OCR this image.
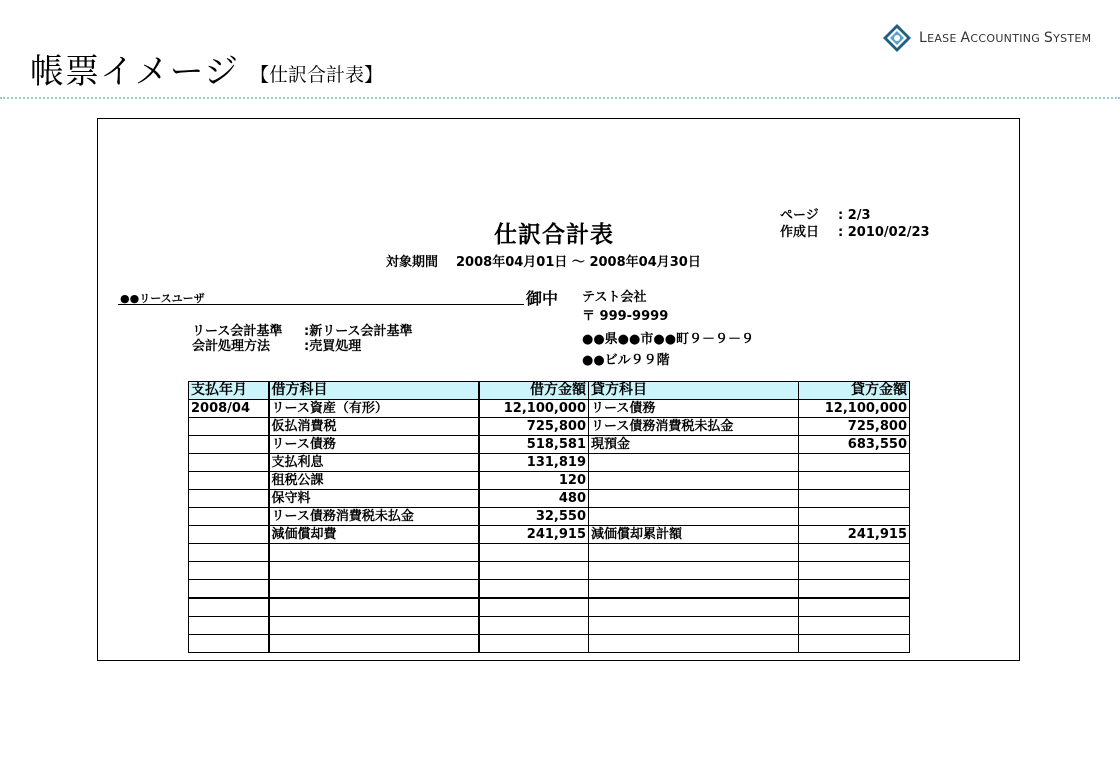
帳票イメージ 【仕訳合計表】
LEASE ACCOUNTING SYSTEM
仕訳合計表
ページ	: 2/3
作成日	: 2010/02/23
対象期間 2008年04月01日 ～ 2008年04月30日
●●リースユーザ	御中 テスト会社
〒 999-9999
●●県●●市●●町９－９－９
●●ビル９９階
リース会計基準	:新リース会計基準
会計処理方法	:売買処理
支払年月	借方科目	借方金額	貸方科目	貸方金額
2008/04	リース資産（有形）	12,100,000	リース債務	12,100,000
	仮払消費税	725,800	リース債務消費税未払金	725,800
	リース債務	518,581	現預金	683,550
	支払利息	131,819		
	租税公課	120		
	保守料	480		
	リース債務消費税未払金	32,550		
	減価償却費	241,915	減価償却累計額	241,915
